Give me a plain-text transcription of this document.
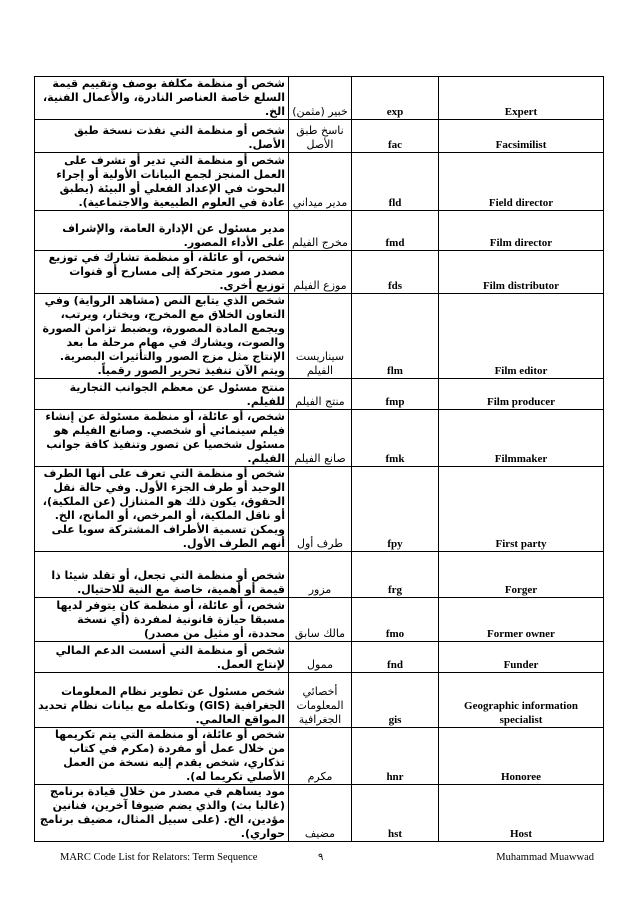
شخص أو منظمة مكلفة بوصف وتقييم قيمة السلع خاصة العناصر النادرة، والأعمال الفنية، الخ.	خبير (مثمن)	exp	Expert
شخص أو منظمة التي نفذت نسخة طبق الأصل.	ناسخ طبق الأصل	fac	Facsimilist
شخص أو منظمة التي تدير أو تشرف على العمل المنجز لجمع البيانات الأولية أو إجراء البحوث في الإعداد الفعلي أو البيئة (يطبق عادة في العلوم الطبيعية والاجتماعية).	مدير ميداني	fld	Field director
مدير مسئول عن الإدارة العامة، والإشراف على الأداء المصور.	مخرج الفيلم	fmd	Film director
شخص، أو عائلة، أو منظمة تشارك في توزيع مصدر صور متحركة إلى مسارح أو قنوات توزيع أخرى.	موزع الفيلم	fds	Film distributor
شخص الذي يتابع النص (مشاهد الرواية) وفي التعاون الخلاق مع المخرج، ويختار، ويرتب، ويجمع المادة المصورة، ويضبط تزامن الصورة والصوت، ويشارك في مهام مرحلة ما بعد الإنتاج مثل مزج الصور والتأثيرات البصرية. ويتم الآن تنفيذ تحرير الصور رقمياً.	سيناريست الفيلم	flm	Film editor
منتج مسئول عن معظم الجوانب التجارية للفيلم.	منتج الفيلم	fmp	Film producer
شخص، أو عائلة، أو منظمة مسئولة عن إنشاء فيلم سينمائي أو شخصي. وصانع الفيلم هو مسئول شخصيا عن تصور وتنفيذ كافة جوانب الفيلم.	صانع الفيلم	fmk	Filmmaker
شخص أو منظمة التي تعرف على أنها الطرف الوحيد أو طرف الجزء الأول. وفي حالة نقل الحقوق، يكون ذلك هو المتنازل (عن الملكية)، أو ناقل الملكية، أو المرخص، أو المانح، الخ. ويمكن تسمية الأطراف المشتركة سويا على أنهم الطرف الأول.	طرف أول	fpy	First party
شخص أو منظمة التي تجعل، أو تقلد شيئا ذا قيمة أو أهمية، خاصة مع النية للاحتيال.	مزور	frg	Forger
شخص، أو عائلة، أو منظمة كان يتوفر لديها مسبقا حيازة قانونية لمفردة (أي نسخة محددة، أو مثيل من مصدر)	مالك سابق	fmo	Former owner
شخص أو منظمة التي أسست الدعم المالي لإنتاج العمل.	ممول	fnd	Funder
شخص مسئول عن تطوير نظام المعلومات الجغرافية (GIS) وتكامله مع بيانات نظام تحديد المواقع العالمي.	أخصائي المعلومات الجغرافية	gis	Geographic information specialist
شخص أو عائلة، أو منظمة التي يتم تكريمها من خلال عمل أو مفردة (مكرم في كتاب تذكاري، شخص يقدم إليه نسخة من العمل الأصلي تكريما له).	مكرم	hnr	Honoree
مود يساهم في مصدر من خلال قيادة برنامج (غالبا بث) والذي يضم ضيوفا آخرين، فنانين مؤدين، الخ. (على سبيل المثال، مضيف برنامج حواري).	مضيف	hst	Host
MARC Code List for Relators: Term Sequence	٩	Muhammad Muawwad
